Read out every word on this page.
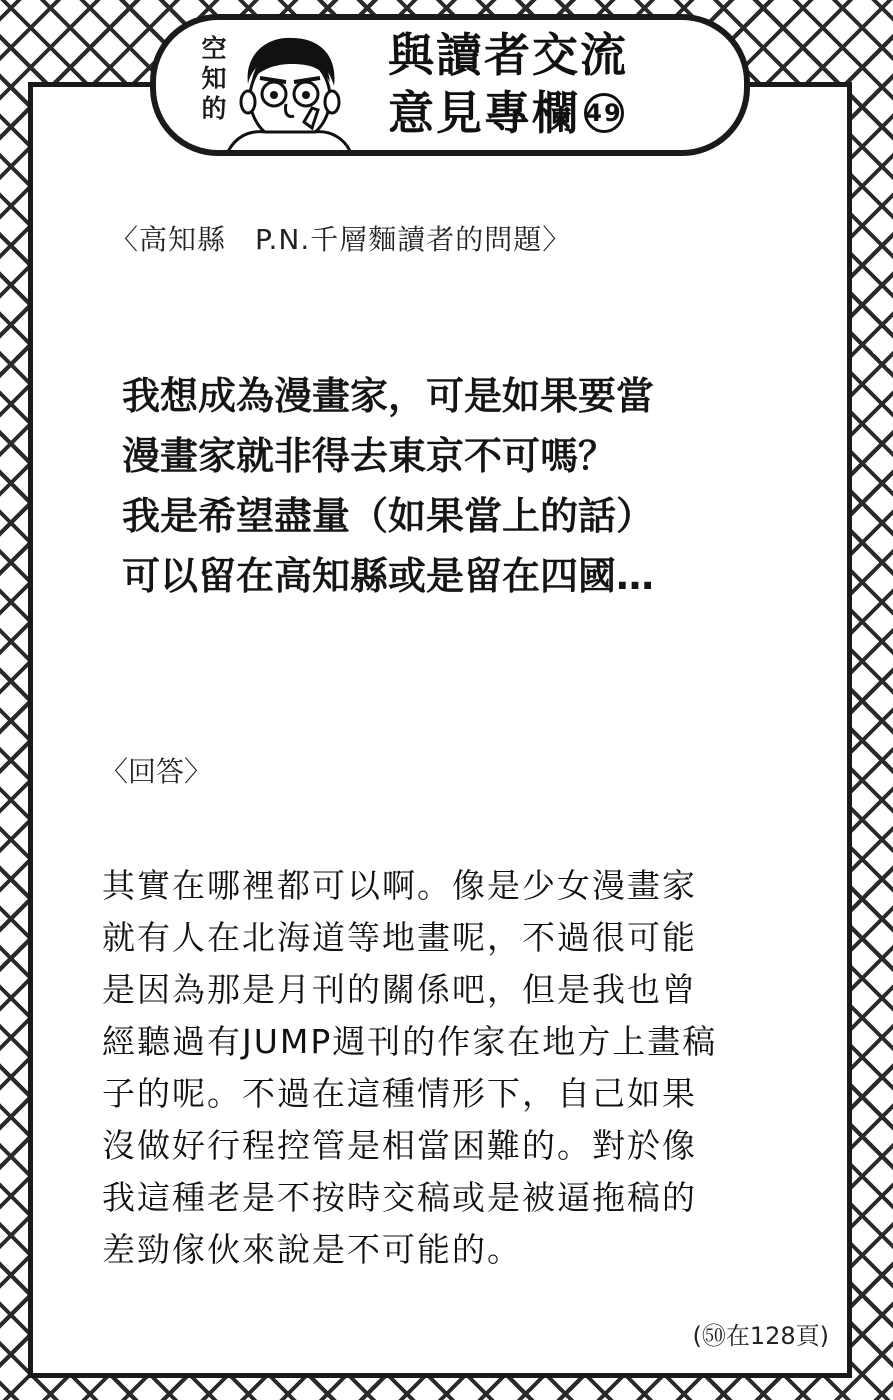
空
知
的
與讀者交流
意見專欄 49
〈高知縣　P.N.千層麵讀者的問題〉
我想成為漫畫家，可是如果要當
漫畫家就非得去東京不可嗎？
我是希望盡量（如果當上的話）
可以留在高知縣或是留在四國…
〈回答〉
其實在哪裡都可以啊。像是少女漫畫家
就有人在北海道等地畫呢，不過很可能
是因為那是月刊的關係吧，但是我也曾
經聽過有JUMP週刊的作家在地方上畫稿
子的呢。不過在這種情形下，自己如果
沒做好行程控管是相當困難的。對於像
我這種老是不按時交稿或是被逼拖稿的
差勁傢伙來說是不可能的。
(㊿在128頁)
